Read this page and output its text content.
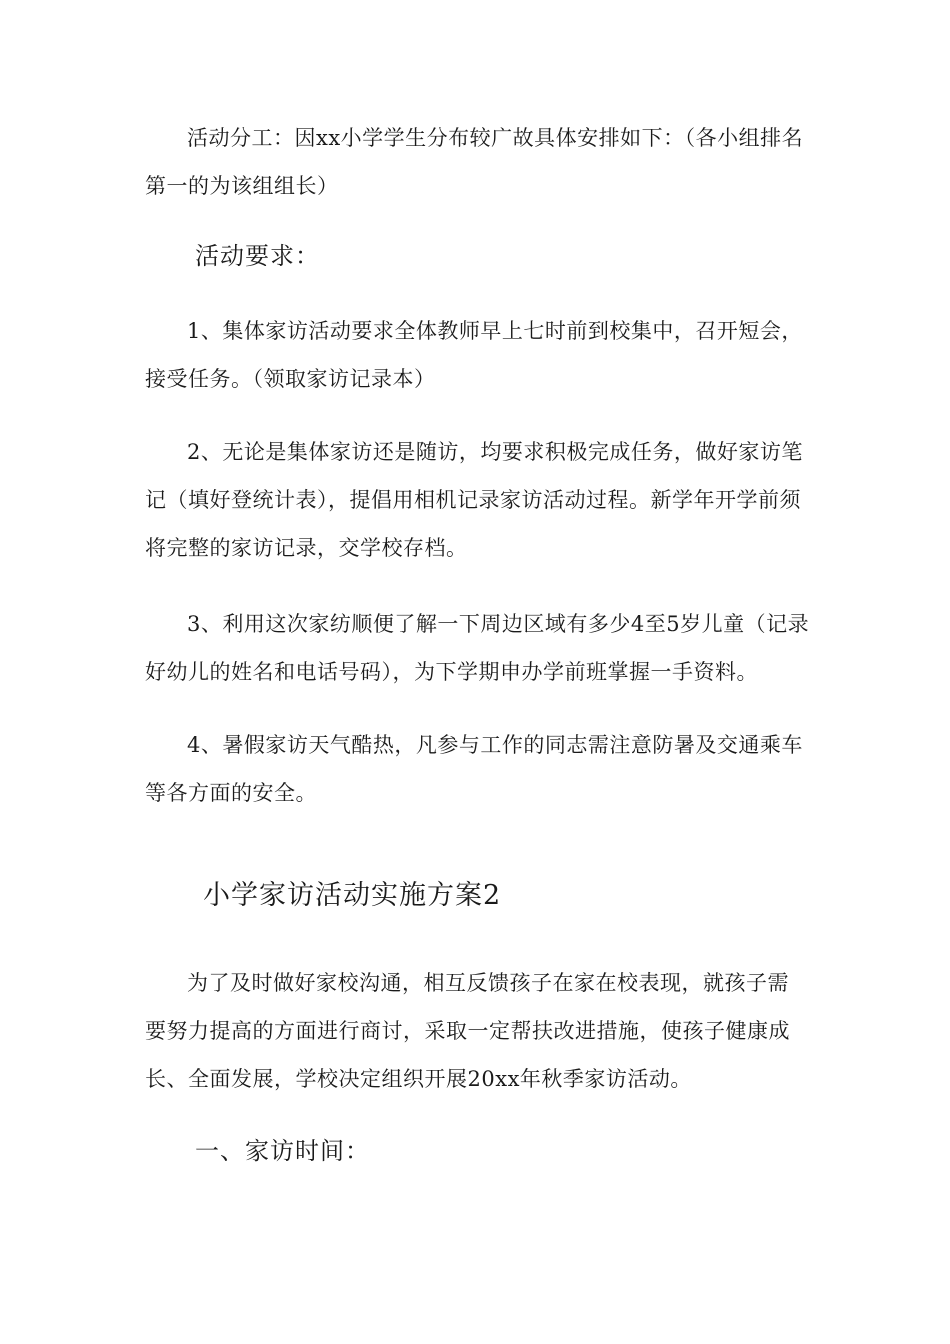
活动分工：因xx小学学生分布较广故具体安排如下：（各小组排名第一的为该组组长）

活动要求：

1、集体家访活动要求全体教师早上七时前到校集中，召开短会，接受任务。（领取家访记录本）

2、无论是集体家访还是随访，均要求积极完成任务，做好家访笔记（填好登统计表），提倡用相机记录家访活动过程。新学年开学前须将完整的家访记录，交学校存档。

3、利用这次家纺顺便了解一下周边区域有多少4至5岁儿童（记录好幼儿的姓名和电话号码），为下学期申办学前班掌握一手资料。

4、暑假家访天气酷热，凡参与工作的同志需注意防暑及交通乘车等各方面的安全。

小学家访活动实施方案2

为了及时做好家校沟通，相互反馈孩子在家在校表现，就孩子需要努力提高的方面进行商讨，采取一定帮扶改进措施，使孩子健康成长、全面发展，学校决定组织开展20xx年秋季家访活动。

一、家访时间：
